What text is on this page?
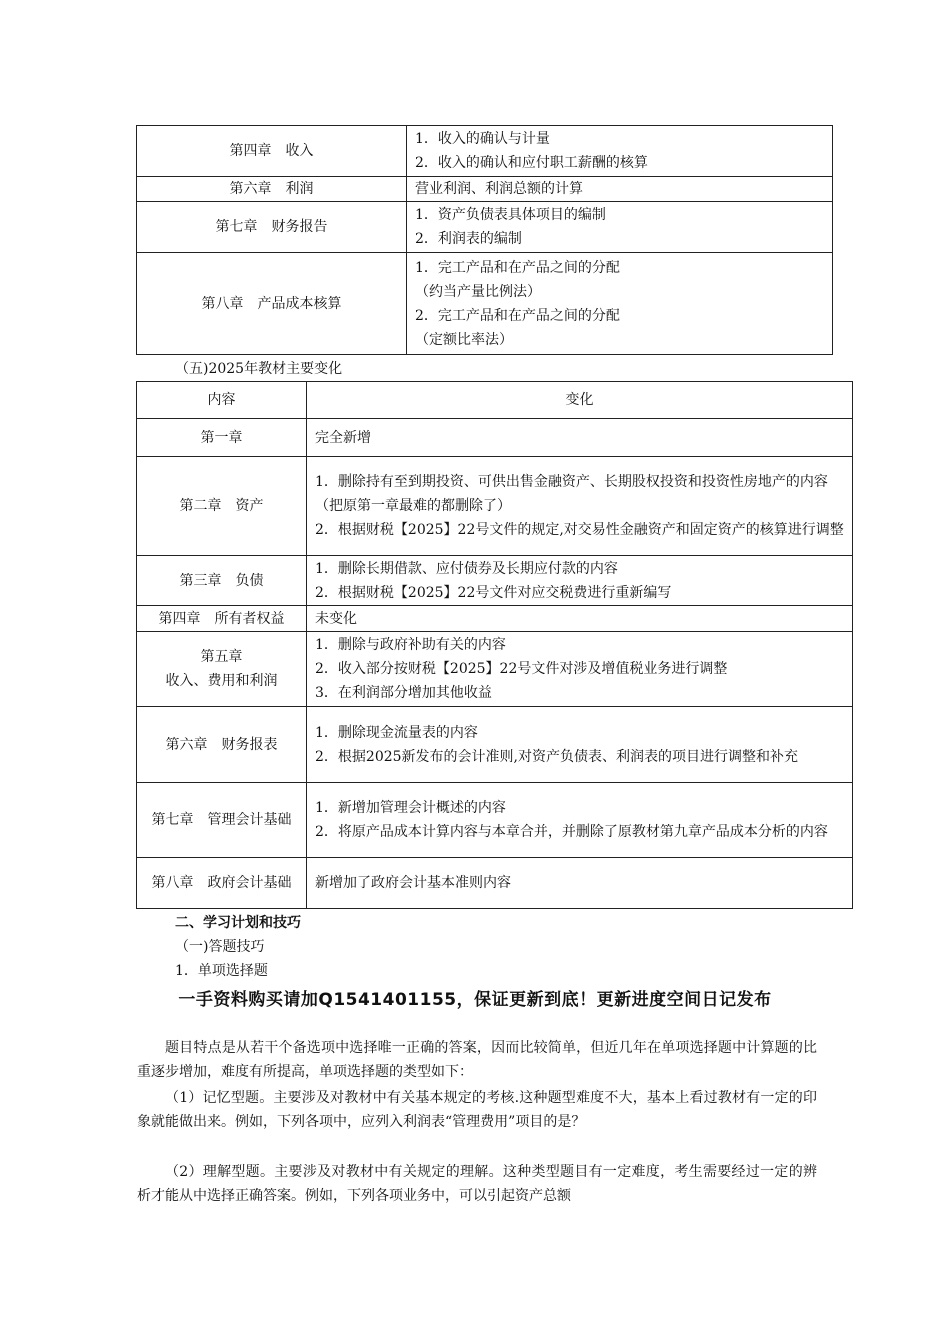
第四章　收入	1．收入的确认与计量
2．收入的确认和应付职工薪酬的核算

第六章　利润	营业利润、利润总额的计算

第七章　财务报告	1．资产负债表具体项目的编制
2．利润表的编制

第八章　产品成本核算	1．完工产品和在产品之间的分配
（约当产量比例法）
2．完工产品和在产品之间的分配
（定额比率法）
（五)2025年教材主要变化
内容	变化

第一章	完全新增

第二章　资产	1．删除持有至到期投资、可供出售金融资产、长期股权投资和投资性房地产的内容（把原第一章最难的都删除了）
2．根据财税【2025】22号文件的规定,对交易性金融资产和固定资产的核算进行调整

第三章　负债	1．删除长期借款、应付债券及长期应付款的内容
2．根据财税【2025】22号文件对应交税费进行重新编写

第四章　所有者权益	未变化

第五章
收入、费用和利润	1．删除与政府补助有关的内容
2．收入部分按财税【2025】22号文件对涉及增值税业务进行调整
3．在利润部分增加其他收益

第六章　财务报表	1．删除现金流量表的内容
2．根据2025新发布的会计准则,对资产负债表、利润表的项目进行调整和补充

第七章　管理会计基础	1．新增加管理会计概述的内容
2．将原产品成本计算内容与本章合并，并删除了原教材第九章产品成本分析的内容

第八章　政府会计基础	新增加了政府会计基本准则内容
二、学习计划和技巧
（一)答题技巧
1．单项选择题
一手资料购买请加Q1541401155，保证更新到底！更新进度空间日记发布
题目特点是从若干个备选项中选择唯一正确的答案，因而比较简单，但近几年在单项选择题中计算题的比重逐步增加，难度有所提高，单项选择题的类型如下：
（1）记忆型题。主要涉及对教材中有关基本规定的考核.这种题型难度不大，基本上看过教材有一定的印象就能做出来。例如，下列各项中，应列入利润表“管理费用”项目的是？
（2）理解型题。主要涉及对教材中有关规定的理解。这种类型题目有一定难度，考生需要经过一定的辨析才能从中选择正确答案。例如，下列各项业务中，可以引起资产总额
